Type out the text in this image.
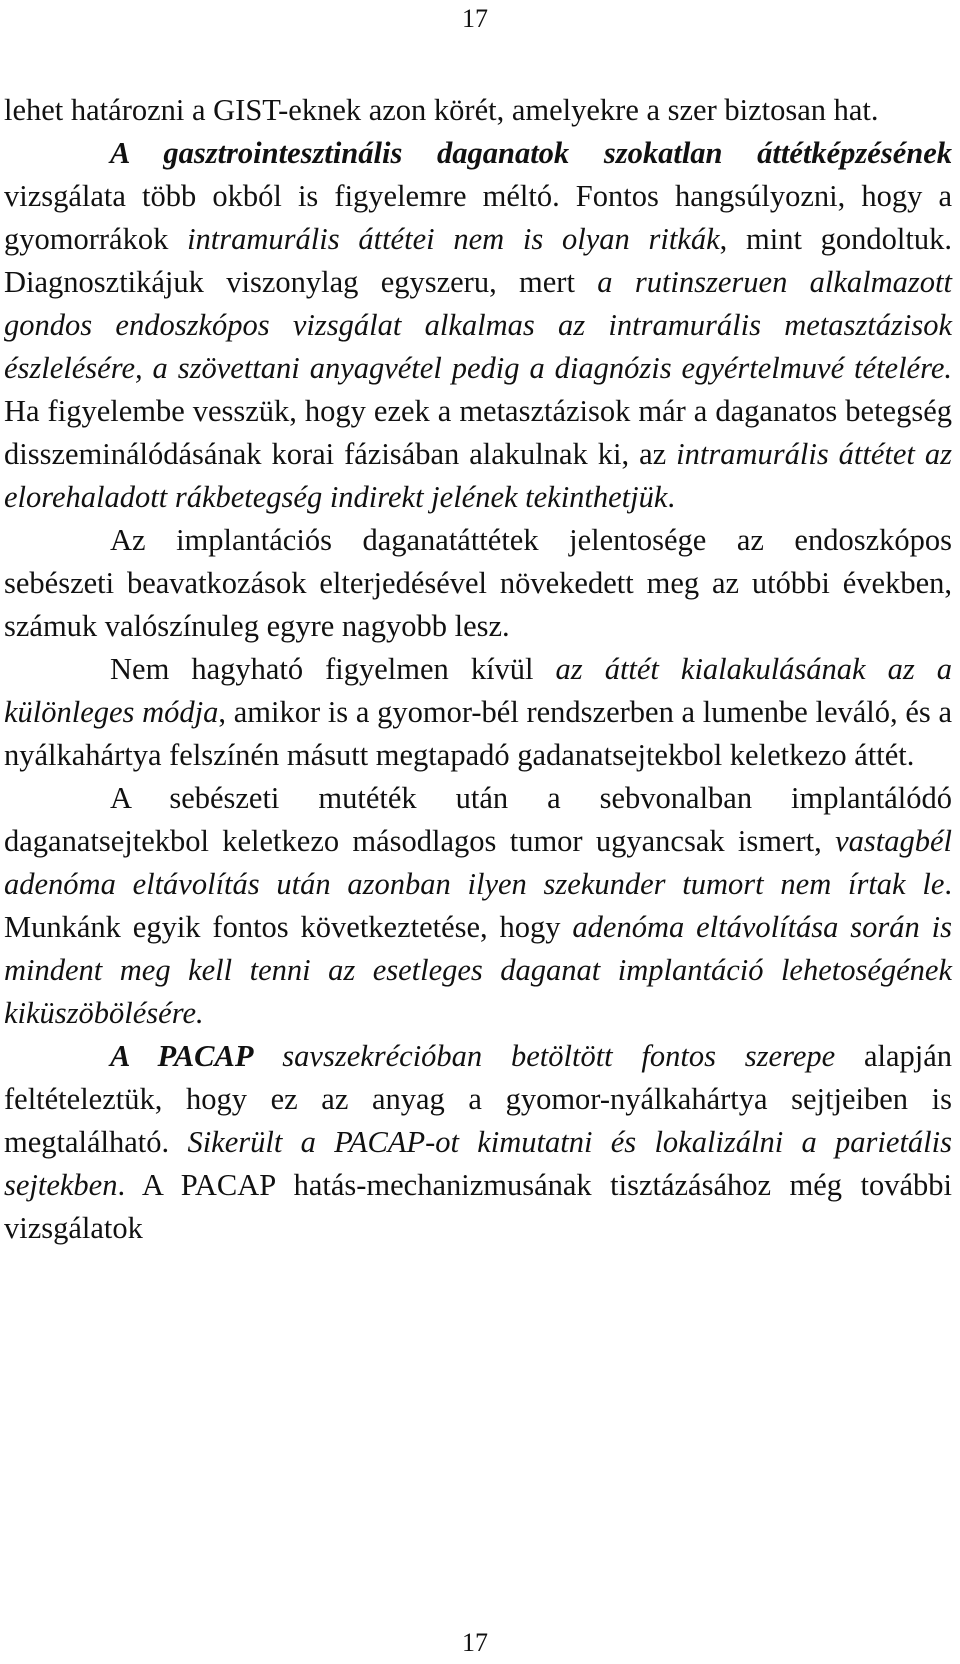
17

lehet határozni a GIST-eknek azon körét, amelyekre a szer biztosan hat.

A gasztrointesztinális daganatok szokatlan áttétképzésének vizsgálata több okból is figyelemre méltó. Fontos hangsúlyozni, hogy a gyomorrákok intramurális áttétei nem is olyan ritkák, mint gondoltuk. Diagnosztikájuk viszonylag egyszeru, mert a rutinszeruen alkalmazott gondos endoszkópos vizsgálat alkalmas az intramurális metasztázisok észlelésére, a szövettani anyagvétel pedig a diagnózis egyértelmuvé tételére. Ha figyelembe vesszük, hogy ezek a metasztázisok már a daganatos betegség disszeminálódásának korai fázisában alakulnak ki, az intramurális áttétet az elorehaladott rákbetegség indirekt jelének tekinthetjük.

Az implantációs daganatáttétek jelentosége az endoszkópos sebészeti beavatkozások elterjedésével növekedett meg az utóbbi években, számuk valószínuleg egyre nagyobb lesz.

Nem hagyható figyelmen kívül az áttét kialakulásának az a különleges módja, amikor is a gyomor-bél rendszerben a lumenbe leváló, és a nyálkahártya felszínén másutt megtapadó gadanatsejtekbol keletkezo áttét.

A sebészeti mutéték után a sebvonalban implantálódó daganatsejtekbol keletkezo másodlagos tumor ugyancsak ismert, vastagbél adenóma eltávolítás után azonban ilyen szekunder tumort nem írtak le. Munkánk egyik fontos következtetése, hogy adenóma eltávolítása során is mindent meg kell tenni az esetleges daganat implantáció lehetoségének kiküszöbölésére.

A PACAP savszekrécióban betöltött fontos szerepe alapján feltételeztük, hogy ez az anyag a gyomor-nyálkahártya sejtjeiben is megtalálható. Sikerült a PACAP-ot kimutatni és lokalizálni a parietális sejtekben. A PACAP hatás-mechanizmusának tisztázásához még további vizsgálatok

17
